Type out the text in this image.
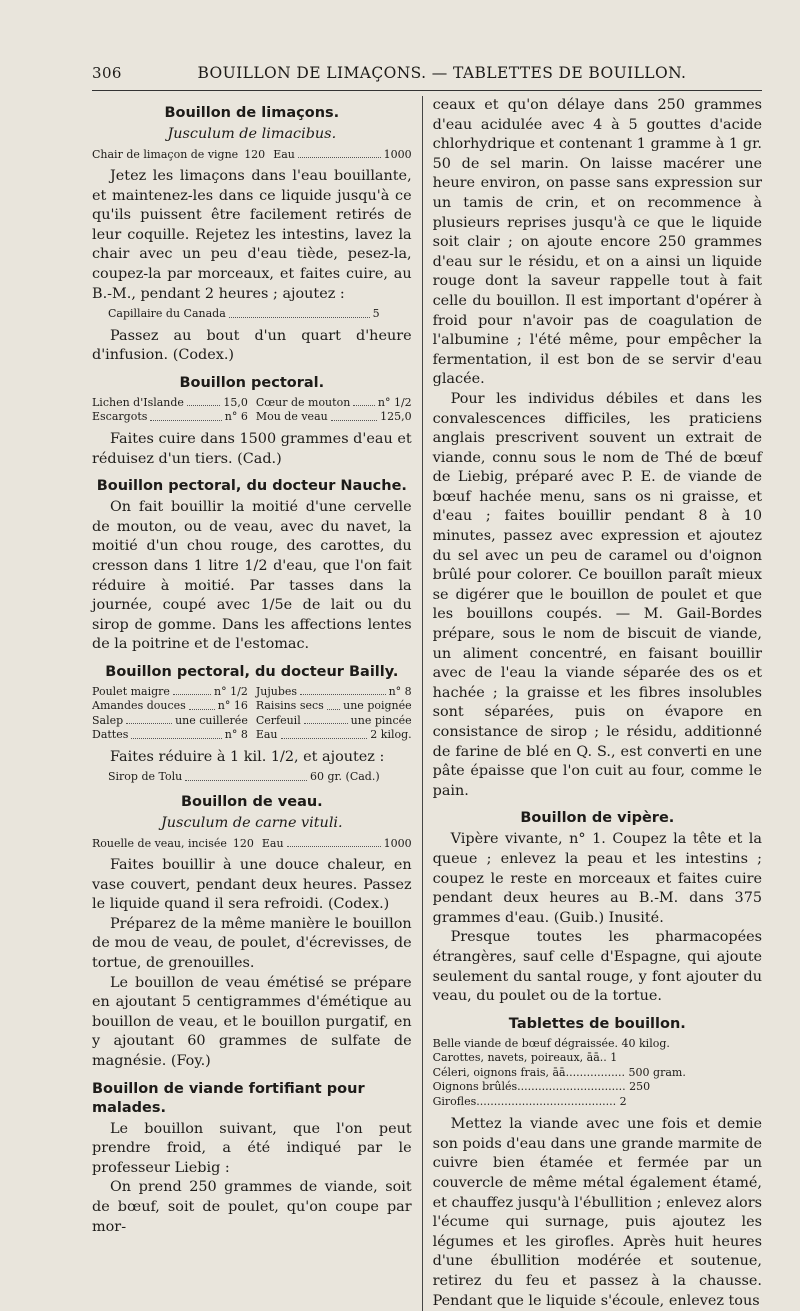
306	BOUILLON DE LIMAÇONS. — TABLETTES DE BOUILLON.
Bouillon de limaçons.
Jusculum de limacibus.
Chair de limaçon de vigne 120 Eau	1000

Jetez les limaçons dans l'eau bouillante, et maintenez-les dans ce liquide jusqu'à ce qu'ils puissent être facilement retirés de leur coquille. Rejetez les intestins, lavez la chair avec un peu d'eau tiède, pesez-la, coupez-la par morceaux, et faites cuire, au B.-M., pendant 2 heures ; ajoutez :

Capillaire du Canada	5

Passez au bout d'un quart d'heure d'infusion. (Codex.)

Bouillon pectoral.
Lichen d'Islande	15,0 Cœur de mouton	n° 1/2
Escargots	n° 6 Mou de veau	125,0

Faites cuire dans 1500 grammes d'eau et réduisez d'un tiers. (Cad.)

Bouillon pectoral, du docteur Nauche.

On fait bouillir la moitié d'une cervelle de mouton, ou de veau, avec du navet, la moitié d'un chou rouge, des carottes, du cresson dans 1 litre 1/2 d'eau, que l'on fait réduire à moitié. Par tasses dans la journée, coupé avec 1/5e de lait ou du sirop de gomme. Dans les affections lentes de la poitrine et de l'estomac.

Bouillon pectoral, du docteur Bailly.
Poulet maigre	n° 1/2 Jujubes	n° 8
Amandes douces	n° 16 Raisins secs une poignée
Salep	une cuillerée Cerfeuil	une pincée
Dattes	n° 8 Eau	2 kilog.

Faites réduire à 1 kil. 1/2, et ajoutez :

Sirop de Tolu	60 gr. (Cad.)
Bouillon de veau.
Jusculum de carne vituli.
Rouelle de veau, incisée 120 Eau	1000

Faites bouillir à une douce chaleur, en vase couvert, pendant deux heures. Passez le liquide quand il sera refroidi. (Codex.)

Préparez de la même manière le bouillon de mou de veau, de poulet, d'écrevisses, de tortue, de grenouilles.

Le bouillon de veau émétisé se prépare en ajoutant 5 centigrammes d'émétique au bouillon de veau, et le bouillon purgatif, en y ajoutant 60 grammes de sulfate de magnésie. (Foy.)

Bouillon de viande fortifiant pour malades.

Le bouillon suivant, que l'on peut prendre froid, a été indiqué par le professeur Liebig :

On prend 250 grammes de viande, soit de bœuf, soit de poulet, qu'on coupe par mor-

ceaux et qu'on délaye dans 250 grammes d'eau acidulée avec 4 à 5 gouttes d'acide chlorhydrique et contenant 1 gramme à 1 gr. 50 de sel marin. On laisse macérer une heure environ, on passe sans expression sur un tamis de crin, et on recommence à plusieurs reprises jusqu'à ce que le liquide soit clair ; on ajoute encore 250 grammes d'eau sur le résidu, et on a ainsi un liquide rouge dont la saveur rappelle tout à fait celle du bouillon. Il est important d'opérer à froid pour n'avoir pas de coagulation de l'albumine ; l'été même, pour empêcher la fermentation, il est bon de se servir d'eau glacée.

Pour les individus débiles et dans les convalescences difficiles, les praticiens anglais prescrivent souvent un extrait de viande, connu sous le nom de Thé de bœuf de Liebig, préparé avec P. E. de viande de bœuf hachée menu, sans os ni graisse, et d'eau ; faites bouillir pendant 8 à 10 minutes, passez avec expression et ajoutez du sel avec un peu de caramel ou d'oignon brûlé pour colorer. Ce bouillon paraît mieux se digérer que le bouillon de poulet et que les bouillons coupés. — M. Gail-Bordes prépare, sous le nom de biscuit de viande, un aliment concentré, en faisant bouillir avec de l'eau la viande séparée des os et hachée ; la graisse et les fibres insolubles sont séparées, puis on évapore en consistance de sirop ; le résidu, additionné de farine de blé en Q. S., est converti en une pâte épaisse que l'on cuit au four, comme le pain.

Bouillon de vipère.

Vipère vivante, n° 1. Coupez la tête et la queue ; enlevez la peau et les intestins ; coupez le reste en morceaux et faites cuire pendant deux heures au B.-M. dans 375 grammes d'eau. (Guib.) Inusité.

Presque toutes les pharmacopées étrangères, sauf celle d'Espagne, qui ajoute seulement du santal rouge, y font ajouter du veau, du poulet ou de la tortue.

Tablettes de bouillon.
Belle viande de bœuf dégraissée. 40 kilog.
Carottes, navets, poireaux, āā.. 1
Céleri, oignons frais, āā................. 500 gram.
Oignons brûlés............................... 250
Girofles........................................ 2

Mettez la viande avec une fois et demie son poids d'eau dans une grande marmite de cuivre bien étamée et fermée par un couvercle de même métal également étamé, et chauffez jusqu'à l'ébullition ; enlevez alors l'écume qui surnage, puis ajoutez les légumes et les girofles. Après huit heures d'une ébullition modérée et soutenue, retirez du feu et passez à la chausse. Pendant que le liquide s'écoule, enlevez tous
